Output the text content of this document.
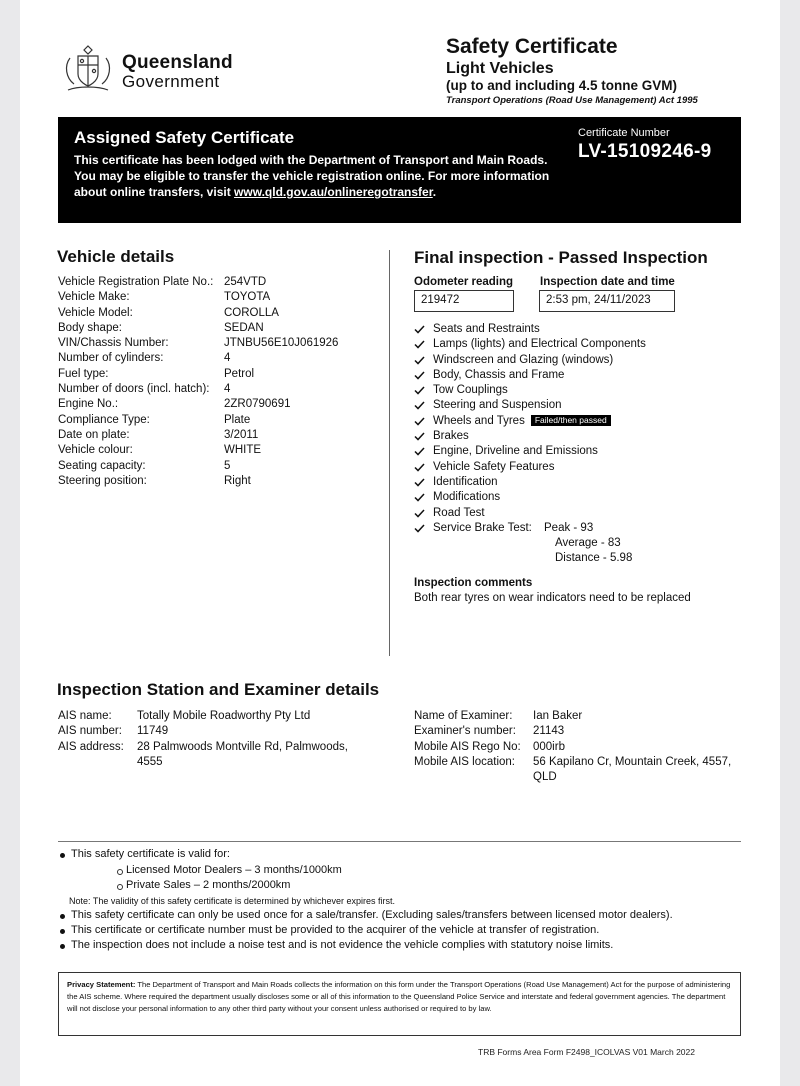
Queensland
Government
Safety Certificate
Light Vehicles
(up to and including 4.5 tonne GVM)
Transport Operations (Road Use Management) Act 1995
Assigned Safety Certificate
This certificate has been lodged with the Department of Transport and Main Roads. You may be eligible to transfer the vehicle registration online. For more information about online transfers, visit www.qld.gov.au/onlineregotransfer.
Certificate Number
LV-15109246-9
Vehicle details
Vehicle Registration Plate No.: 254VTD
Vehicle Make:	TOYOTA
Vehicle Model:	COROLLA
Body shape:	SEDAN
VIN/Chassis Number:	JTNBU56E10J061926
Number of cylinders:	4
Fuel type:	Petrol
Number of doors (incl. hatch): 4
Engine No.:	2ZR0790691
Compliance Type:	Plate
Date on plate:	3/2011
Vehicle colour:	WHITE
Seating capacity:	5
Steering position:	Right
Final inspection - Passed Inspection
Odometer reading Inspection date and time
219472	2:53 pm, 24/11/2023
Seats and Restraints
Lamps (lights) and Electrical Components
Windscreen and Glazing (windows)
Body, Chassis and Frame
Tow Couplings
Steering and Suspension
Wheels and Tyres Failed/then passed
Brakes
Engine, Driveline and Emissions
Vehicle Safety Features
Identification
Modifications
Road Test
Service Brake Test: Peak - 93
Average - 83
Distance - 5.98
Inspection comments
Both rear tyres on wear indicators need to be replaced
Inspection Station and Examiner details
AIS name: Totally Mobile Roadworthy Pty Ltd
AIS number: 11749
AIS address: 28 Palmwoods Montville Rd, Palmwoods, 4555
Name of Examiner: Ian Baker
Examiner's number: 21143
Mobile AIS Rego No: 000irb
Mobile AIS location: 56 Kapilano Cr, Mountain Creek, 4557, QLD
This safety certificate is valid for:
Licensed Motor Dealers – 3 months/1000km
Private Sales – 2 months/2000km
Note: The validity of this safety certificate is determined by whichever expires first.
This safety certificate can only be used once for a sale/transfer. (Excluding sales/transfers between licensed motor dealers).
This certificate or certificate number must be provided to the acquirer of the vehicle at transfer of registration.
The inspection does not include a noise test and is not evidence the vehicle complies with statutory noise limits.
Privacy Statement: The Department of Transport and Main Roads collects the information on this form under the Transport Operations (Road Use Management) Act for the purpose of administering the AIS scheme. Where required the department usually discloses some or all of this information to the Queensland Police Service and interstate and federal government agencies. The department will not disclose your personal information to any other third party without your consent unless authorised or required to by law.
TRB Forms Area Form F2498_ICOLVAS V01 March 2022
